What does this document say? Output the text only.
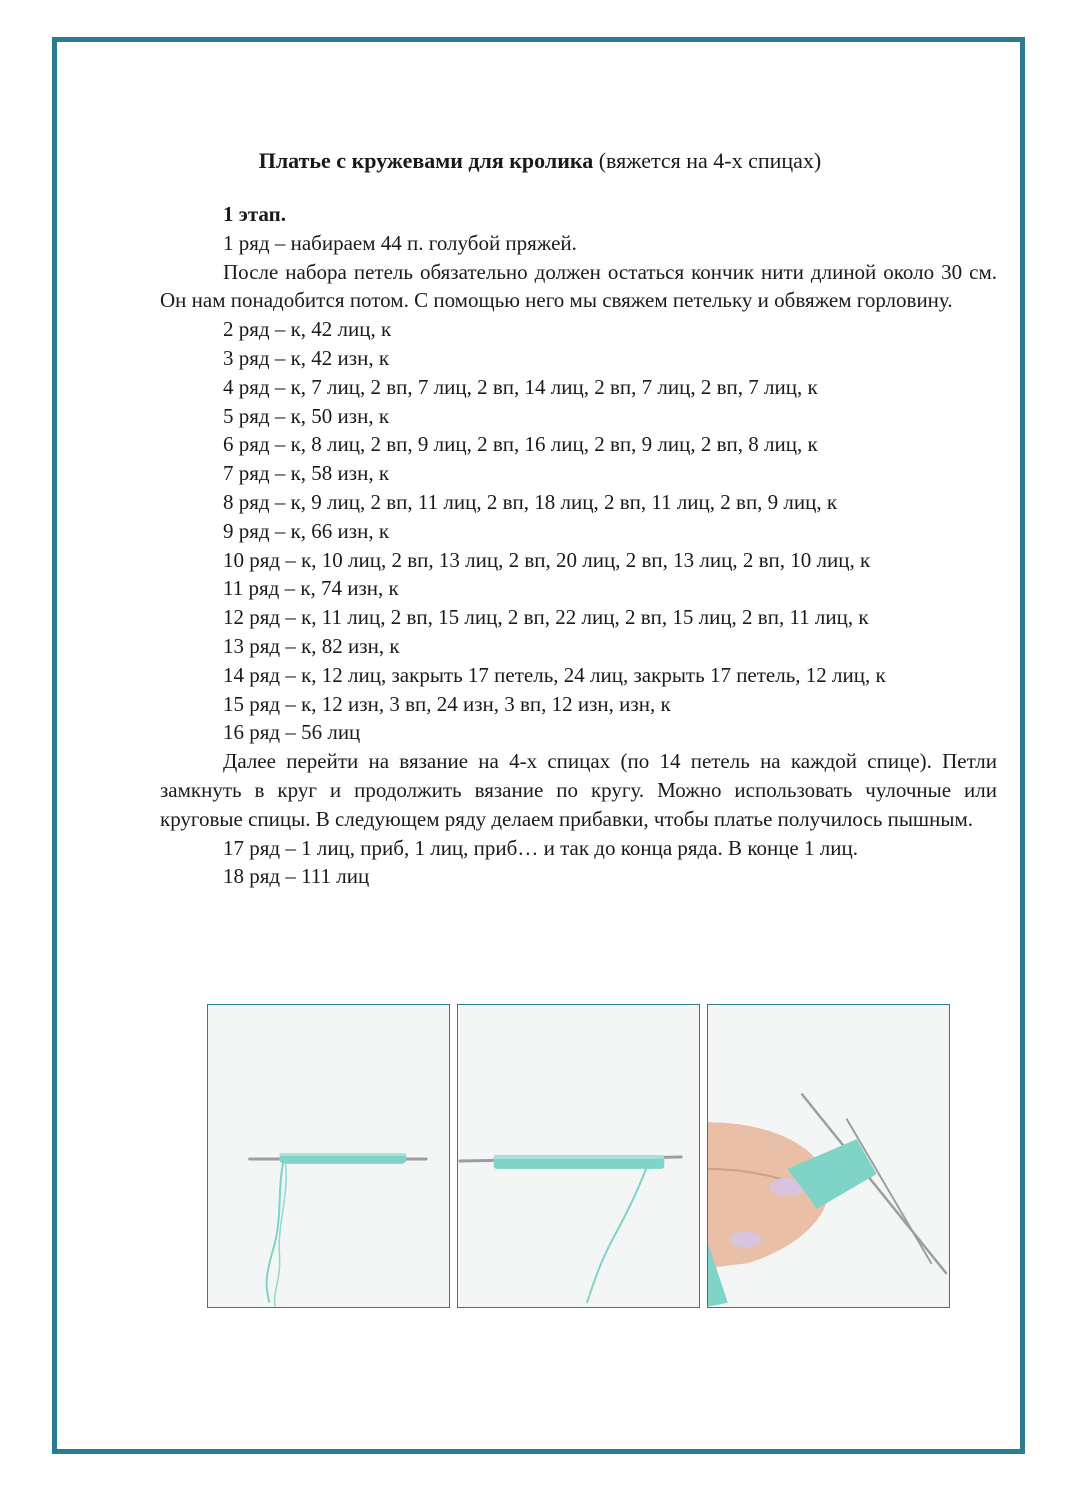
Платье с кружевами для кролика (вяжется на 4-х спицах)

1 этап.

1 ряд – набираем 44 п. голубой пряжей.

После набора петель обязательно должен остаться кончик нити длиной около 30 см. Он нам понадобится потом. С помощью него мы свяжем петельку и обвяжем горловину.

2 ряд – к, 42 лиц, к

3 ряд – к, 42 изн, к

4 ряд – к, 7 лиц, 2 вп, 7 лиц, 2 вп, 14 лиц, 2 вп, 7 лиц, 2 вп, 7 лиц, к

5 ряд – к, 50 изн, к

6 ряд – к, 8 лиц, 2 вп, 9 лиц, 2 вп, 16 лиц, 2 вп, 9 лиц, 2 вп, 8 лиц, к

7 ряд – к, 58 изн, к

8 ряд – к, 9 лиц, 2 вп, 11 лиц, 2 вп, 18 лиц, 2 вп, 11 лиц, 2 вп, 9 лиц, к

9 ряд – к, 66 изн, к

10 ряд – к, 10 лиц, 2 вп, 13 лиц, 2 вп, 20 лиц, 2 вп, 13 лиц, 2 вп, 10 лиц, к

11 ряд – к, 74 изн, к

12 ряд – к, 11 лиц, 2 вп, 15 лиц, 2 вп, 22 лиц, 2 вп, 15 лиц, 2 вп, 11 лиц, к

13 ряд – к, 82 изн, к

14 ряд – к, 12 лиц, закрыть 17 петель, 24 лиц, закрыть 17 петель, 12 лиц, к

15 ряд – к, 12 изн, 3 вп, 24 изн, 3 вп, 12 изн, изн, к

16 ряд – 56 лиц

Далее перейти на вязание на 4-х спицах (по 14 петель на каждой спице). Петли замкнуть в круг и продолжить вязание по кругу. Можно использовать чулочные или круговые спицы. В следующем ряду делаем прибавки, чтобы платье получилось пышным.

17 ряд – 1 лиц, приб, 1 лиц, приб… и так до конца ряда. В конце 1 лиц.

18 ряд – 111 лиц
